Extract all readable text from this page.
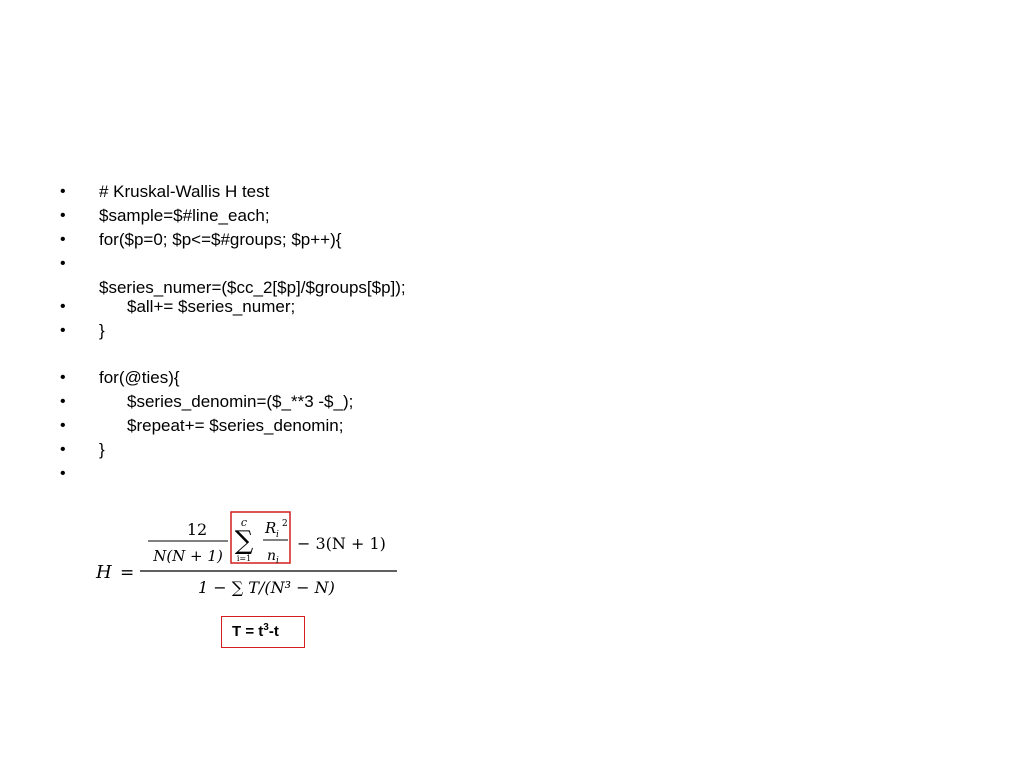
• # Kruskal-Wallis H test
• $sample=$#line_each;
• for($p=0; $p<=$#groups; $p++){
•
$series_numer=($cc_2[$p]/$groups[$p]);
•	$all+= $series_numer;
• }
• for(@ties){
•	$series_denomin=($_**3 -$_);
•	$repeat+= $series_denomin;
• }
•
H =
12
N(N + 1)
c
∑
i=1
R i
2
n i
− 3(N + 1)
1 − ∑ T/(N³ − N)
$T = t^3-t$
